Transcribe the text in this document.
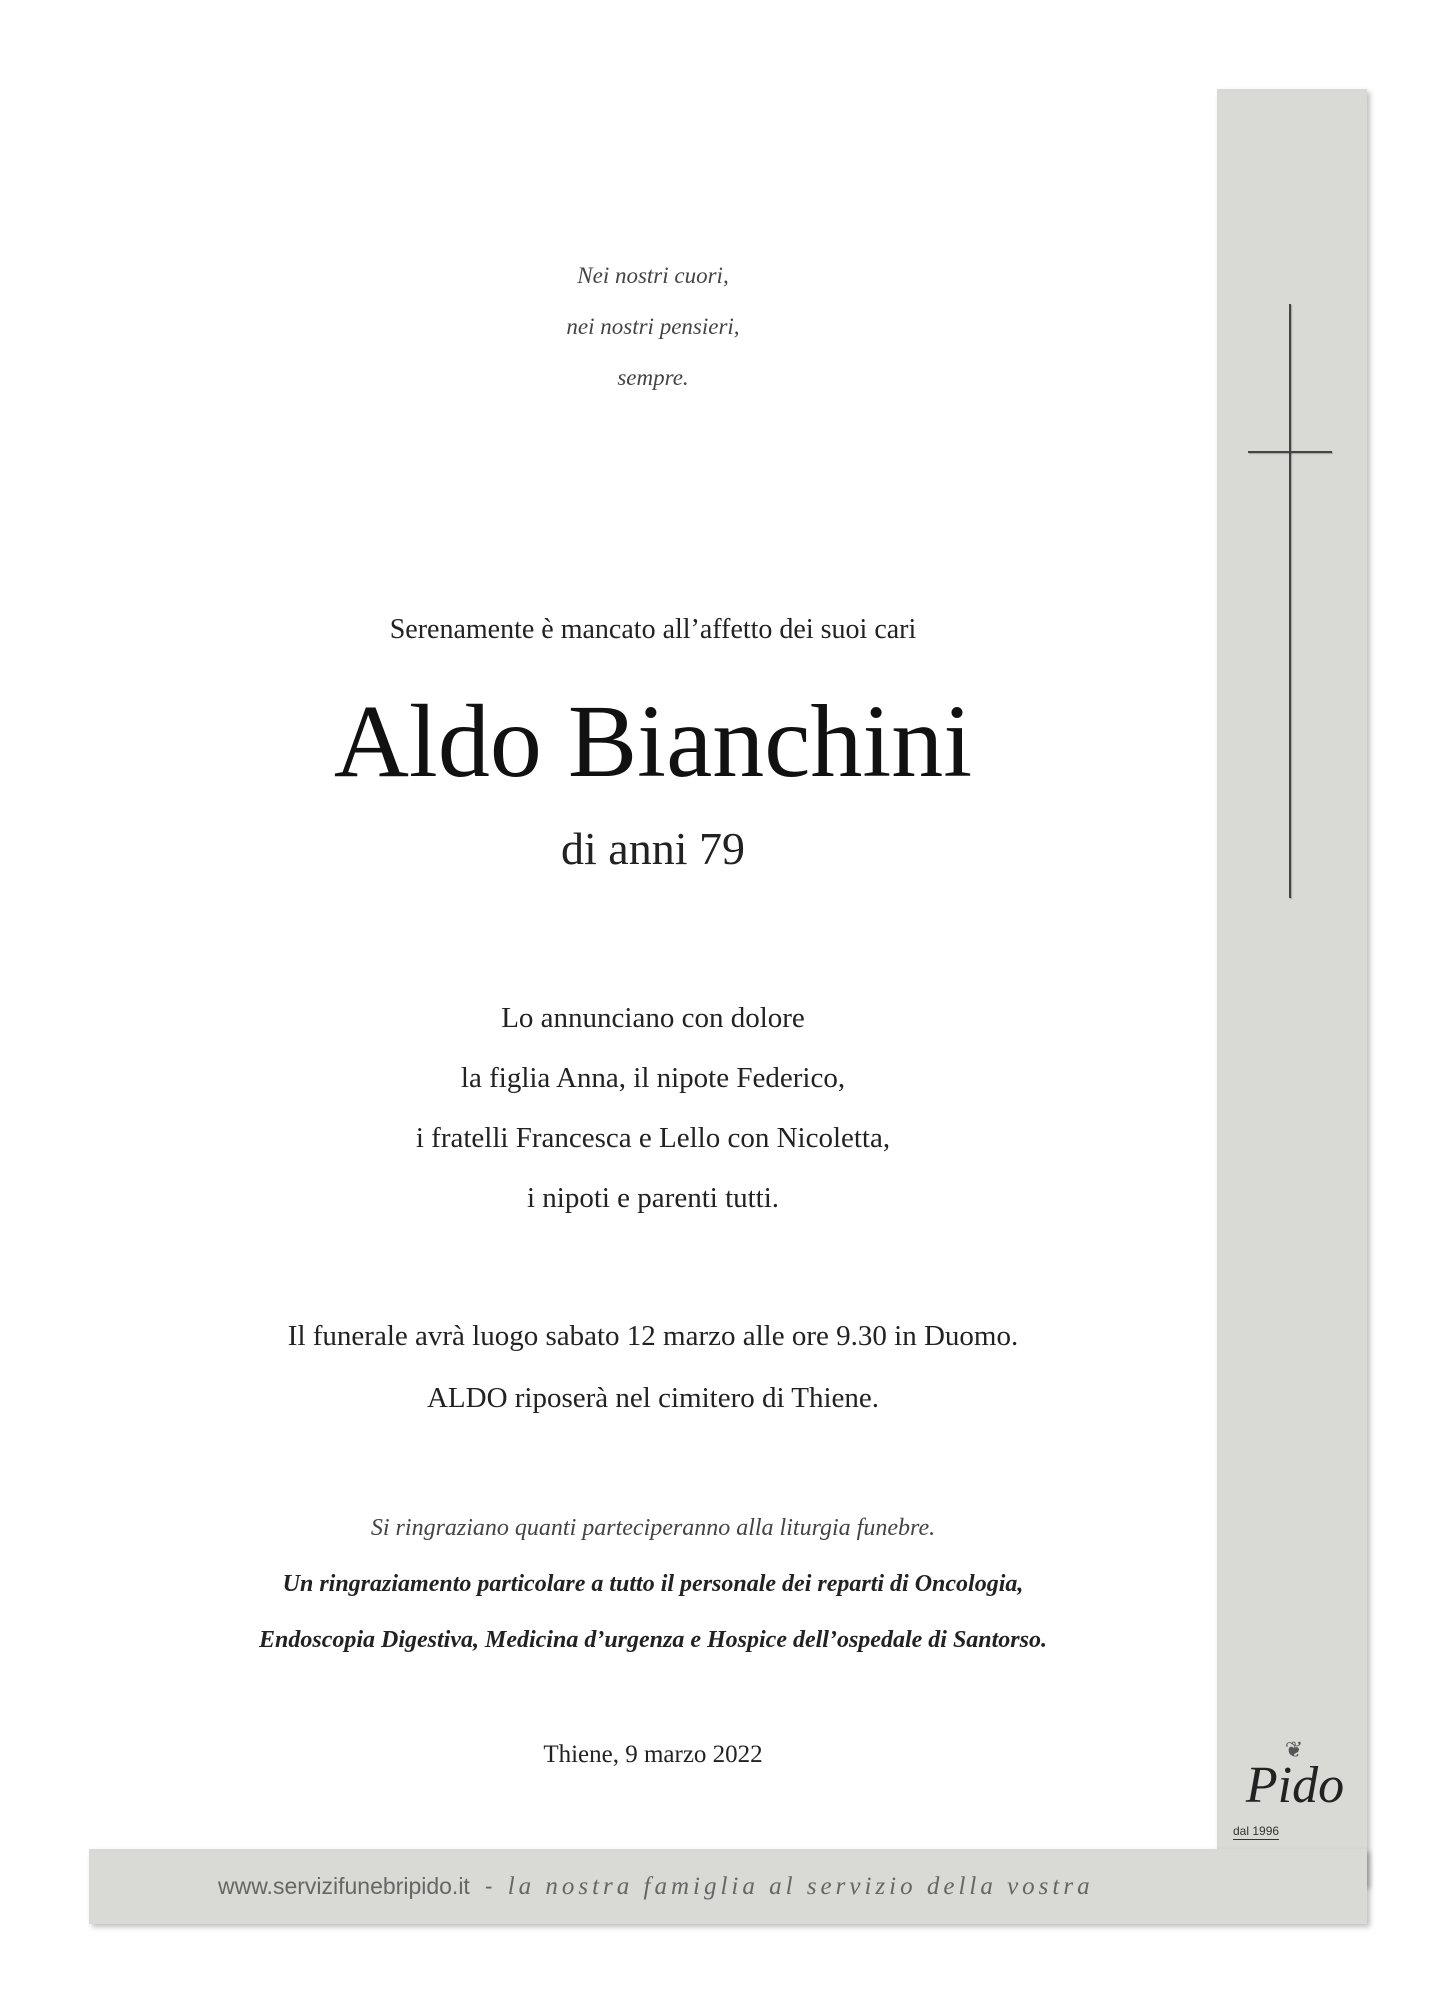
Nei nostri cuori,
nei nostri pensieri,
sempre.
Serenamente è mancato all’affetto dei suoi cari
Aldo Bianchini
di anni 79
Lo annunciano con dolore
la figlia Anna, il nipote Federico,
i fratelli Francesca e Lello con Nicoletta,
i nipoti e parenti tutti.
Il funerale avrà luogo sabato 12 marzo alle ore 9.30 in Duomo.
ALDO riposerà nel cimitero di Thiene.
Si ringraziano quanti parteciperanno alla liturgia funebre.
Un ringraziamento particolare a tutto il personale dei reparti di Oncologia,
Endoscopia Digestiva, Medicina d’urgenza e Hospice dell’ospedale di Santorso.
Thiene, 9 marzo 2022	❦
Pido
dal 1996
www.servizifunebripido.it - la nostra famiglia al servizio della vostra
